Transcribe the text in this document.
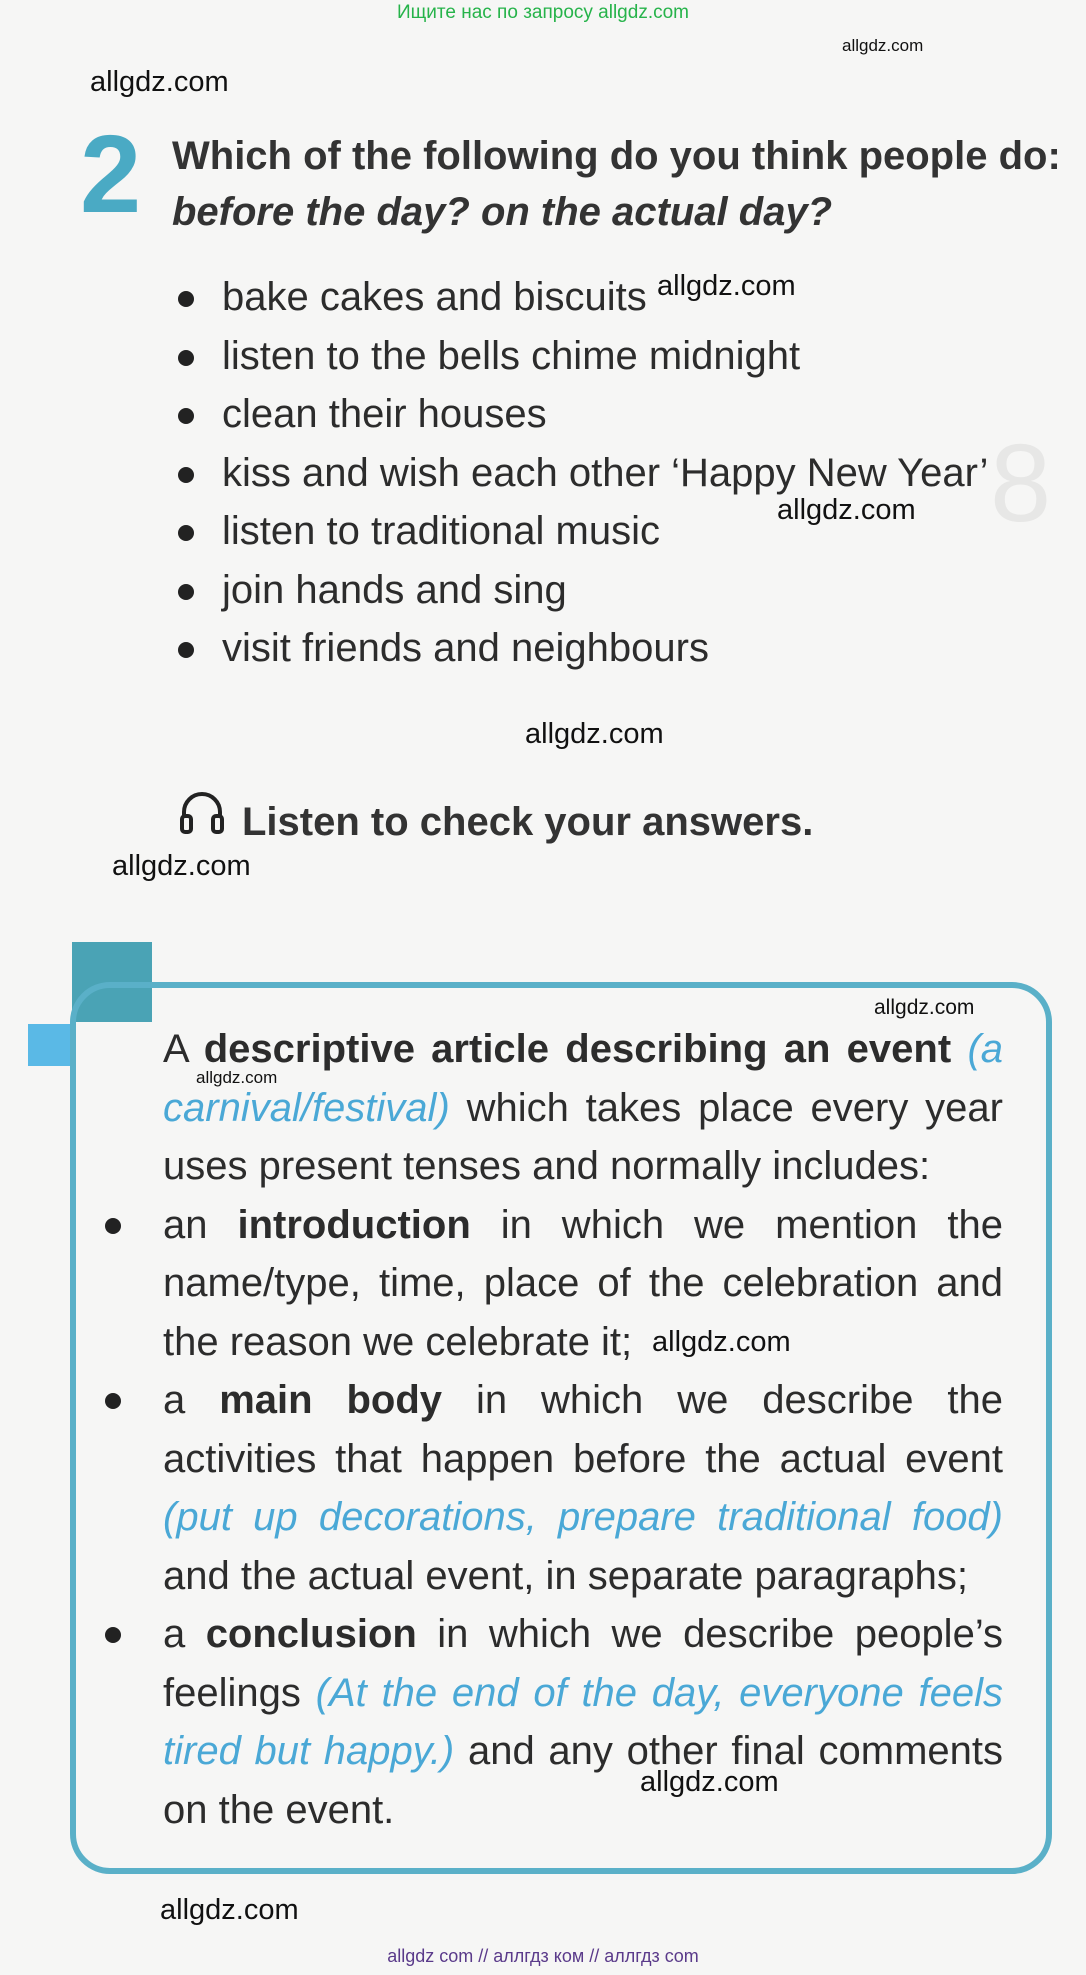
Ищите нас по запросу allgdz.com
8
allgdz.com
allgdz.com
allgdz.com
allgdz.com
allgdz.com
allgdz.com
allgdz.com
allgdz.com
allgdz.com
allgdz.com
allgdz.com
2 Which of the following do you think people do:
before the day? on the actual day?
bake cakes and biscuits
listen to the bells chime midnight
clean their houses
kiss and wish each other ‘Happy New Year’
listen to traditional music
join hands and sing
visit friends and neighbours
Listen to check your answers.

A descriptive article describing an event (a carnival/festival) which takes place every year uses present tenses and normally includes:

an introduction in which we mention the name/type, time, place of the celebration and the reason we celebrate it;

a main body in which we describe the activities that happen before the actual event (put up decorations, prepare traditional food) and the actual event, in separate paragraphs;

a conclusion in which we describe people’s feelings (At the end of the day, everyone feels tired but happy.) and any other final comments on the event.

allgdz com // аллгдз ком // аллгдз com
